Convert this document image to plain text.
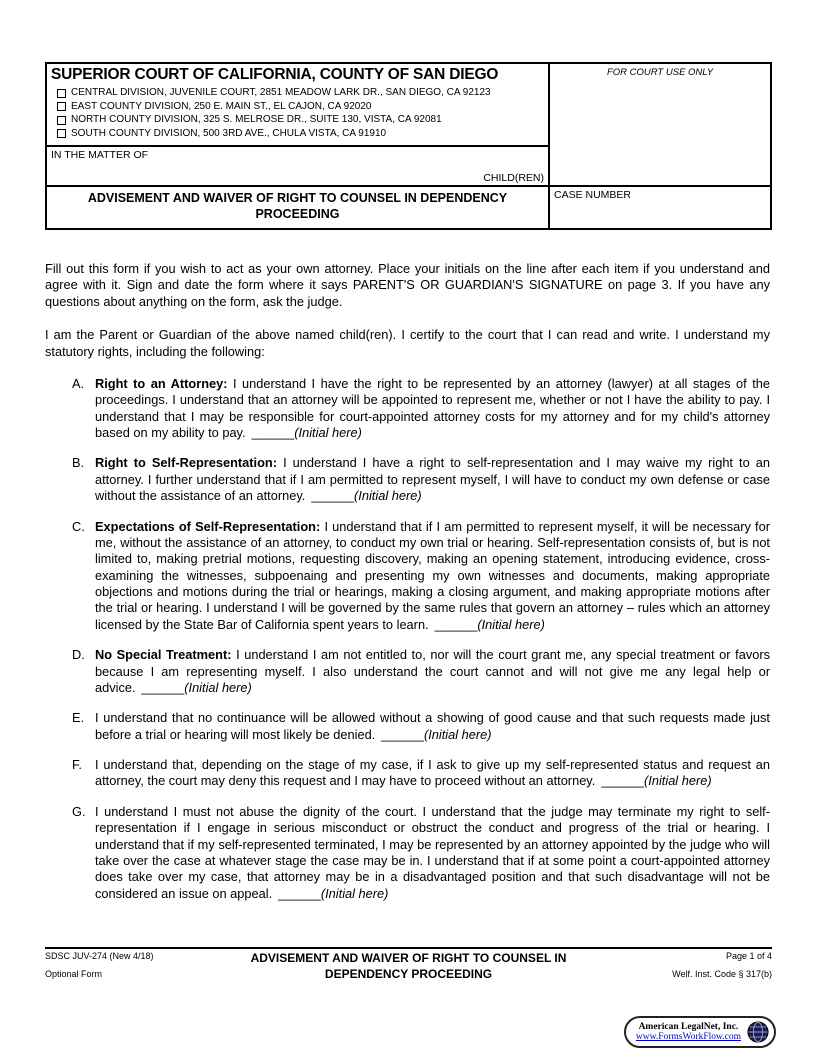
SUPERIOR COURT OF CALIFORNIA, COUNTY OF SAN DIEGO
CENTRAL DIVISION, JUVENILE COURT, 2851 MEADOW LARK DR., SAN DIEGO, CA 92123
EAST COUNTY DIVISION, 250 E. MAIN ST., EL CAJON, CA 92020
NORTH COUNTY DIVISION, 325 S. MELROSE DR., SUITE 130, VISTA, CA 92081
SOUTH COUNTY DIVISION, 500 3RD AVE., CHULA VISTA, CA 91910
FOR COURT USE ONLY
IN THE MATTER OF
CHILD(REN)
ADVISEMENT AND WAIVER OF RIGHT TO COUNSEL IN DEPENDENCY PROCEEDING
CASE NUMBER

Fill out this form if you wish to act as your own attorney. Place your initials on the line after each item if you understand and agree with it. Sign and date the form where it says PARENT'S OR GUARDIAN'S SIGNATURE on page 3. If you have any questions about anything on the form, ask the judge.

I am the Parent or Guardian of the above named child(ren). I certify to the court that I can read and write. I understand my statutory rights, including the following:

A. Right to an Attorney: I understand I have the right to be represented by an attorney (lawyer) at all stages of the proceedings. I understand that an attorney will be appointed to represent me, whether or not I have the ability to pay. I understand that I may be responsible for court-appointed attorney costs for my attorney and for my child's attorney based on my ability to pay. ______(Initial here)
B. Right to Self-Representation: I understand I have a right to self-representation and I may waive my right to an attorney. I further understand that if I am permitted to represent myself, I will have to conduct my own defense or case without the assistance of an attorney. ______(Initial here)
C. Expectations of Self-Representation: I understand that if I am permitted to represent myself, it will be necessary for me, without the assistance of an attorney, to conduct my own trial or hearing. Self-representation consists of, but is not limited to, making pretrial motions, requesting discovery, making an opening statement, introducing evidence, cross-examining the witnesses, subpoenaing and presenting my own witnesses and documents, making appropriate objections and motions during the trial or hearings, making a closing argument, and making appropriate motions after the trial or hearing. I understand I will be governed by the same rules that govern an attorney – rules which an attorney licensed by the State Bar of California spent years to learn. ______(Initial here)
D. No Special Treatment: I understand I am not entitled to, nor will the court grant me, any special treatment or favors because I am representing myself. I also understand the court cannot and will not give me any legal help or advice. ______(Initial here)
E. I understand that no continuance will be allowed without a showing of good cause and that such requests made just before a trial or hearing will most likely be denied. ______(Initial here)
F.	I understand that, depending on the stage of my case, if I ask to give up my self-represented status and request an attorney, the court may deny this request and I may have to proceed without an attorney. ______(Initial here)
G. I understand I must not abuse the dignity of the court. I understand that the judge may terminate my right to self-representation if I engage in serious misconduct or obstruct the conduct and progress of the trial or hearing. I understand that if my self-represented terminated, I may be represented by an attorney appointed by the judge who will take over the case at whatever stage the case may be in. I understand that if at some point a court-appointed attorney does take over my case, that attorney may be in a disadvantaged position and that such disadvantage will not be considered an issue on appeal. ______(Initial here)
SDSC JUV-274 (New 4/18)
Optional Form
ADVISEMENT AND WAIVER OF RIGHT TO COUNSEL IN DEPENDENCY PROCEEDING
Page 1 of 4
Welf. Inst. Code § 317(b)
American LegalNet, Inc.
www.FormsWorkFlow.com
